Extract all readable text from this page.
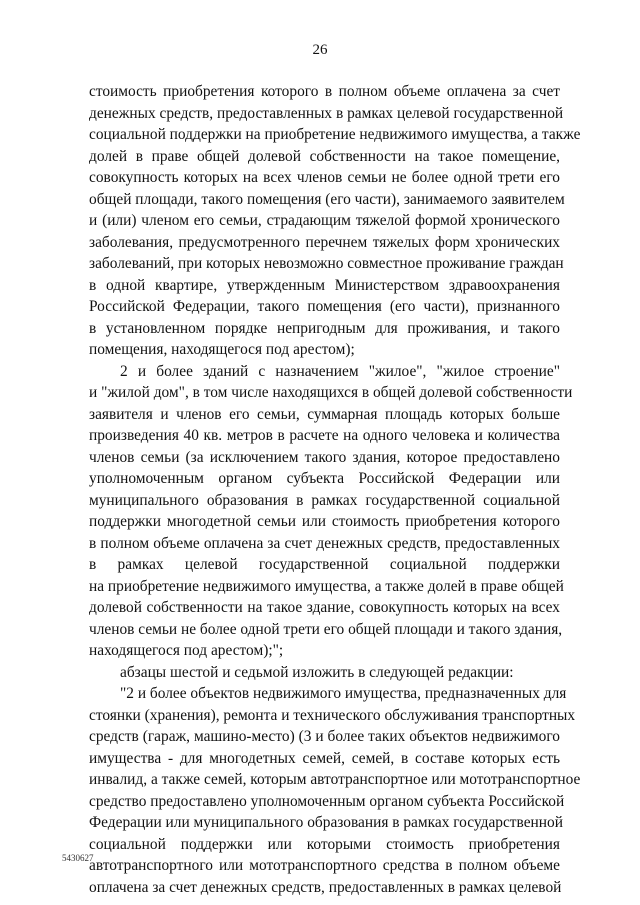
26
стоимость приобретения которого в полном объеме оплачена за счет
денежных средств, предоставленных в рамках целевой государственной
социальной поддержки на приобретение недвижимого имущества, а также
долей в праве общей долевой собственности на такое помещение,
совокупность которых на всех членов семьи не более одной трети его
общей площади, такого помещения (его части), занимаемого заявителем
и (или) членом его семьи, страдающим тяжелой формой хронического
заболевания, предусмотренного перечнем тяжелых форм хронических
заболеваний, при которых невозможно совместное проживание граждан
в одной квартире, утвержденным Министерством здравоохранения
Российской Федерации, такого помещения (его части), признанного
в установленном порядке непригодным для проживания, и такого
помещения, находящегося под арестом);
2 и более зданий с назначением "жилое", "жилое строение"
и "жилой дом", в том числе находящихся в общей долевой собственности
заявителя и членов его семьи, суммарная площадь которых больше
произведения 40 кв. метров в расчете на одного человека и количества
членов семьи (за исключением такого здания, которое предоставлено
уполномоченным органом субъекта Российской Федерации или
муниципального образования в рамках государственной социальной
поддержки многодетной семьи или стоимость приобретения которого
в полном объеме оплачена за счет денежных средств, предоставленных
в рамках целевой государственной социальной поддержки
на приобретение недвижимого имущества, а также долей в праве общей
долевой собственности на такое здание, совокупность которых на всех
членов семьи не более одной трети его общей площади и такого здания,
находящегося под арестом);";
абзацы шестой и седьмой изложить в следующей редакции:
"2 и более объектов недвижимого имущества, предназначенных для
стоянки (хранения), ремонта и технического обслуживания транспортных
средств (гараж, машино-место) (3 и более таких объектов недвижимого
имущества - для многодетных семей, семей, в составе которых есть
инвалид, а также семей, которым автотранспортное или мототранспортное
средство предоставлено уполномоченным органом субъекта Российской
Федерации или муниципального образования в рамках государственной
социальной поддержки или которыми стоимость приобретения
автотранспортного или мототранспортного средства в полном объеме
оплачена за счет денежных средств, предоставленных в рамках целевой
5430627
